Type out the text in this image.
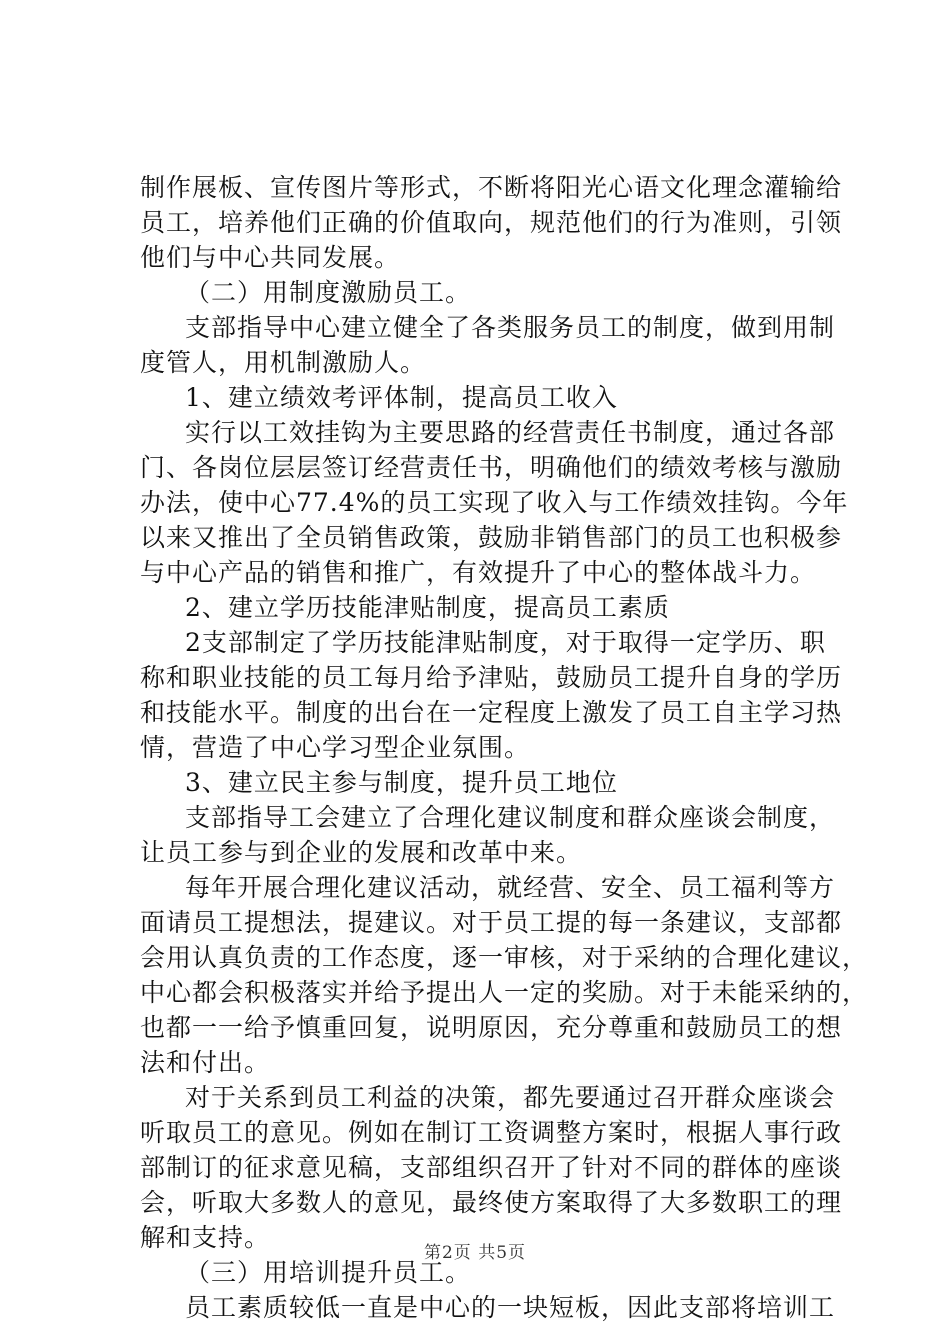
制作展板、宣传图片等形式，不断将阳光心语文化理念灌输给

员工，培养他们正确的价值取向，规范他们的行为准则，引领

他们与中心共同发展。

（二）用制度激励员工。

支部指导中心建立健全了各类服务员工的制度，做到用制

度管人，用机制激励人。

1、建立绩效考评体制，提高员工收入

实行以工效挂钩为主要思路的经营责任书制度，通过各部

门、各岗位层层签订经营责任书，明确他们的绩效考核与激励

办法，使中心77.4%的员工实现了收入与工作绩效挂钩。今年

以来又推出了全员销售政策，鼓励非销售部门的员工也积极参

与中心产品的销售和推广，有效提升了中心的整体战斗力。

2、建立学历技能津贴制度，提高员工素质

2支部制定了学历技能津贴制度，对于取得一定学历、职

称和职业技能的员工每月给予津贴，鼓励员工提升自身的学历

和技能水平。制度的出台在一定程度上激发了员工自主学习热

情，营造了中心学习型企业氛围。

3、建立民主参与制度，提升员工地位

支部指导工会建立了合理化建议制度和群众座谈会制度，

让员工参与到企业的发展和改革中来。

每年开展合理化建议活动，就经营、安全、员工福利等方

面请员工提想法，提建议。对于员工提的每一条建议，支部都

会用认真负责的工作态度，逐一审核，对于采纳的合理化建议，

中心都会积极落实并给予提出人一定的奖励。对于未能采纳的，

也都一一给予慎重回复，说明原因，充分尊重和鼓励员工的想

法和付出。

对于关系到员工利益的决策，都先要通过召开群众座谈会

听取员工的意见。例如在制订工资调整方案时，根据人事行政

部制订的征求意见稿，支部组织召开了针对不同的群体的座谈

会，听取大多数人的意见，最终使方案取得了大多数职工的理

解和支持。

（三）用培训提升员工。

员工素质较低一直是中心的一块短板，因此支部将培训工

第2页 共5页
